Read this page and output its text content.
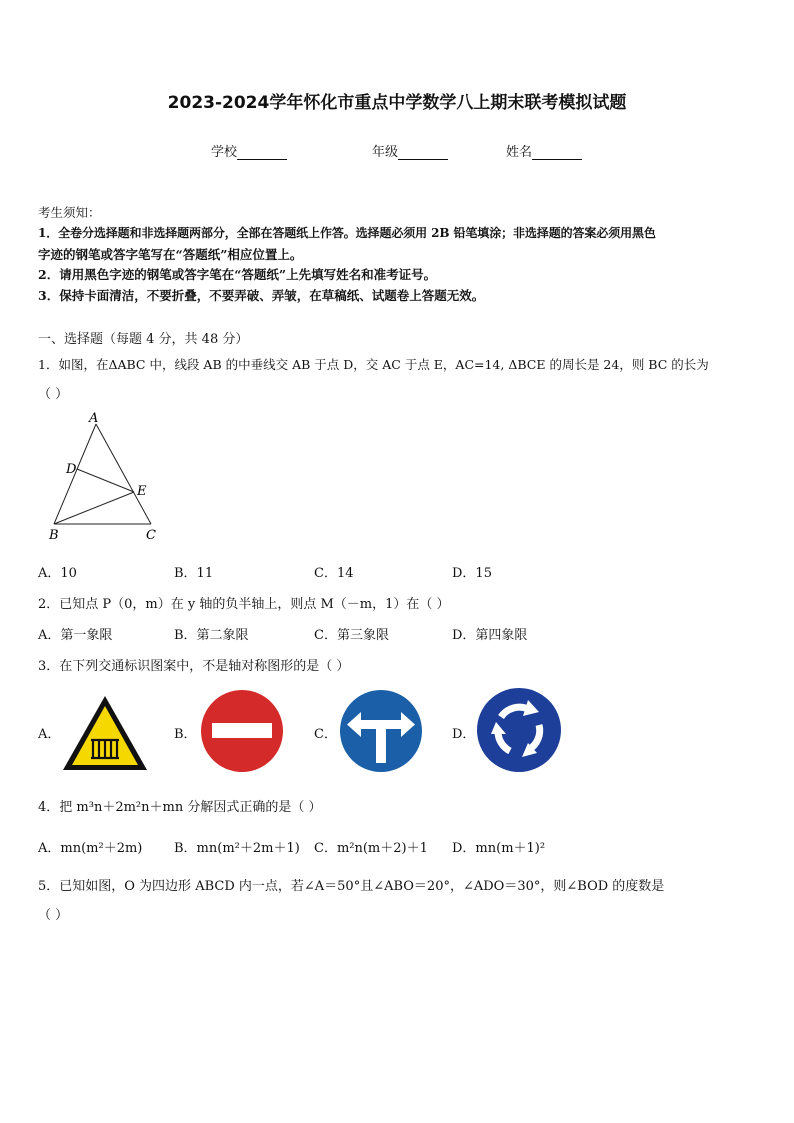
2023-2024学年怀化市重点中学数学八上期末联考模拟试题
学校	年级	姓名
考生须知：
1．全卷分选择题和非选择题两部分，全部在答题纸上作答。选择题必须用 2B 铅笔填涂；非选择题的答案必须用黑色
字迹的钢笔或答字笔写在“答题纸”相应位置上。
2．请用黑色字迹的钢笔或答字笔在“答题纸”上先填写姓名和准考证号。
3．保持卡面清洁，不要折叠，不要弄破、弄皱，在草稿纸、试题卷上答题无效。
一、选择题（每题 4 分，共 48 分）
1．如图，在ΔABC 中，线段 AB 的中垂线交 AB 于点 D，交 AC 于点 E，AC=14, ΔBCE 的周长是 24，则 BC 的长为
（ ）
A
D
E
B	C
A．10	B．11	C．14	D．15
2．已知点 P（0，m）在 y 轴的负半轴上，则点 M（－m，1）在（ ）
A．第一象限	B．第二象限	C．第三象限	D．第四象限
3．在下列交通标识图案中，不是轴对称图形的是（ ）
A．	B．	C．	D．
4．把 m³n＋2m²n＋mn 分解因式正确的是（ ）
A．mn(m²＋2m) B．mn(m²＋2m＋1) C．m²n(m＋2)＋1 D．mn(m＋1)²
5．已知如图，O 为四边形 ABCD 内一点，若∠A＝50°且∠ABO＝20°，∠ADO＝30°，则∠BOD 的度数是
（ ）
